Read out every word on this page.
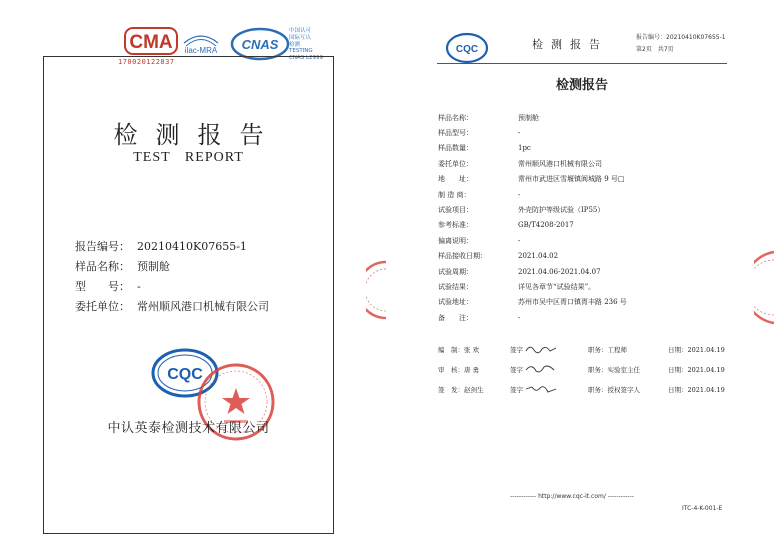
CMA
170020122837
ilac-MRA CNAS
中国认可
国际互认
检测
TESTING
CNAS L2999
检测报告
TEST REPORT
报告编号： 20210410K07655-1
样品名称： 预制舱
型　　号： -
委托单位： 常州顺风港口机械有限公司
CQC
中认英泰检测技术有限公司
CQC	检测报告
报告编号：20210410K07655-1
第2页　共7页
检测报告
样品名称：	预制舱
样品型号：	-
样品数量：	1pc
委托单位：	常州顺风港口机械有限公司
地　　址：	常州市武进区雪堰镇阆城路 9 号□
制 造 商：	-
试验项目：	外壳防护等级试验（IP55）
参考标准：	GB/T4208-2017
偏离说明：	-
样品接收日期：	2021.04.02
试验周期：	2021.04.06-2021.04.07
试验结果：	详见各章节“试验结果”。
试验地址：	苏州市吴中区胥口镇胥丰路 236 号
备　　注：	-
编　制：张 欢	签字	职务：工程师	日期：2021.04.19
审　核：唐 勇	签字	职务：实验室主任	日期：2021.04.19
签　发：赵剑生	签字	职务：授权签字人	日期：2021.04.19
------------ http://www.cqc-it.com/ ------------
ITC-4-K-001-E
